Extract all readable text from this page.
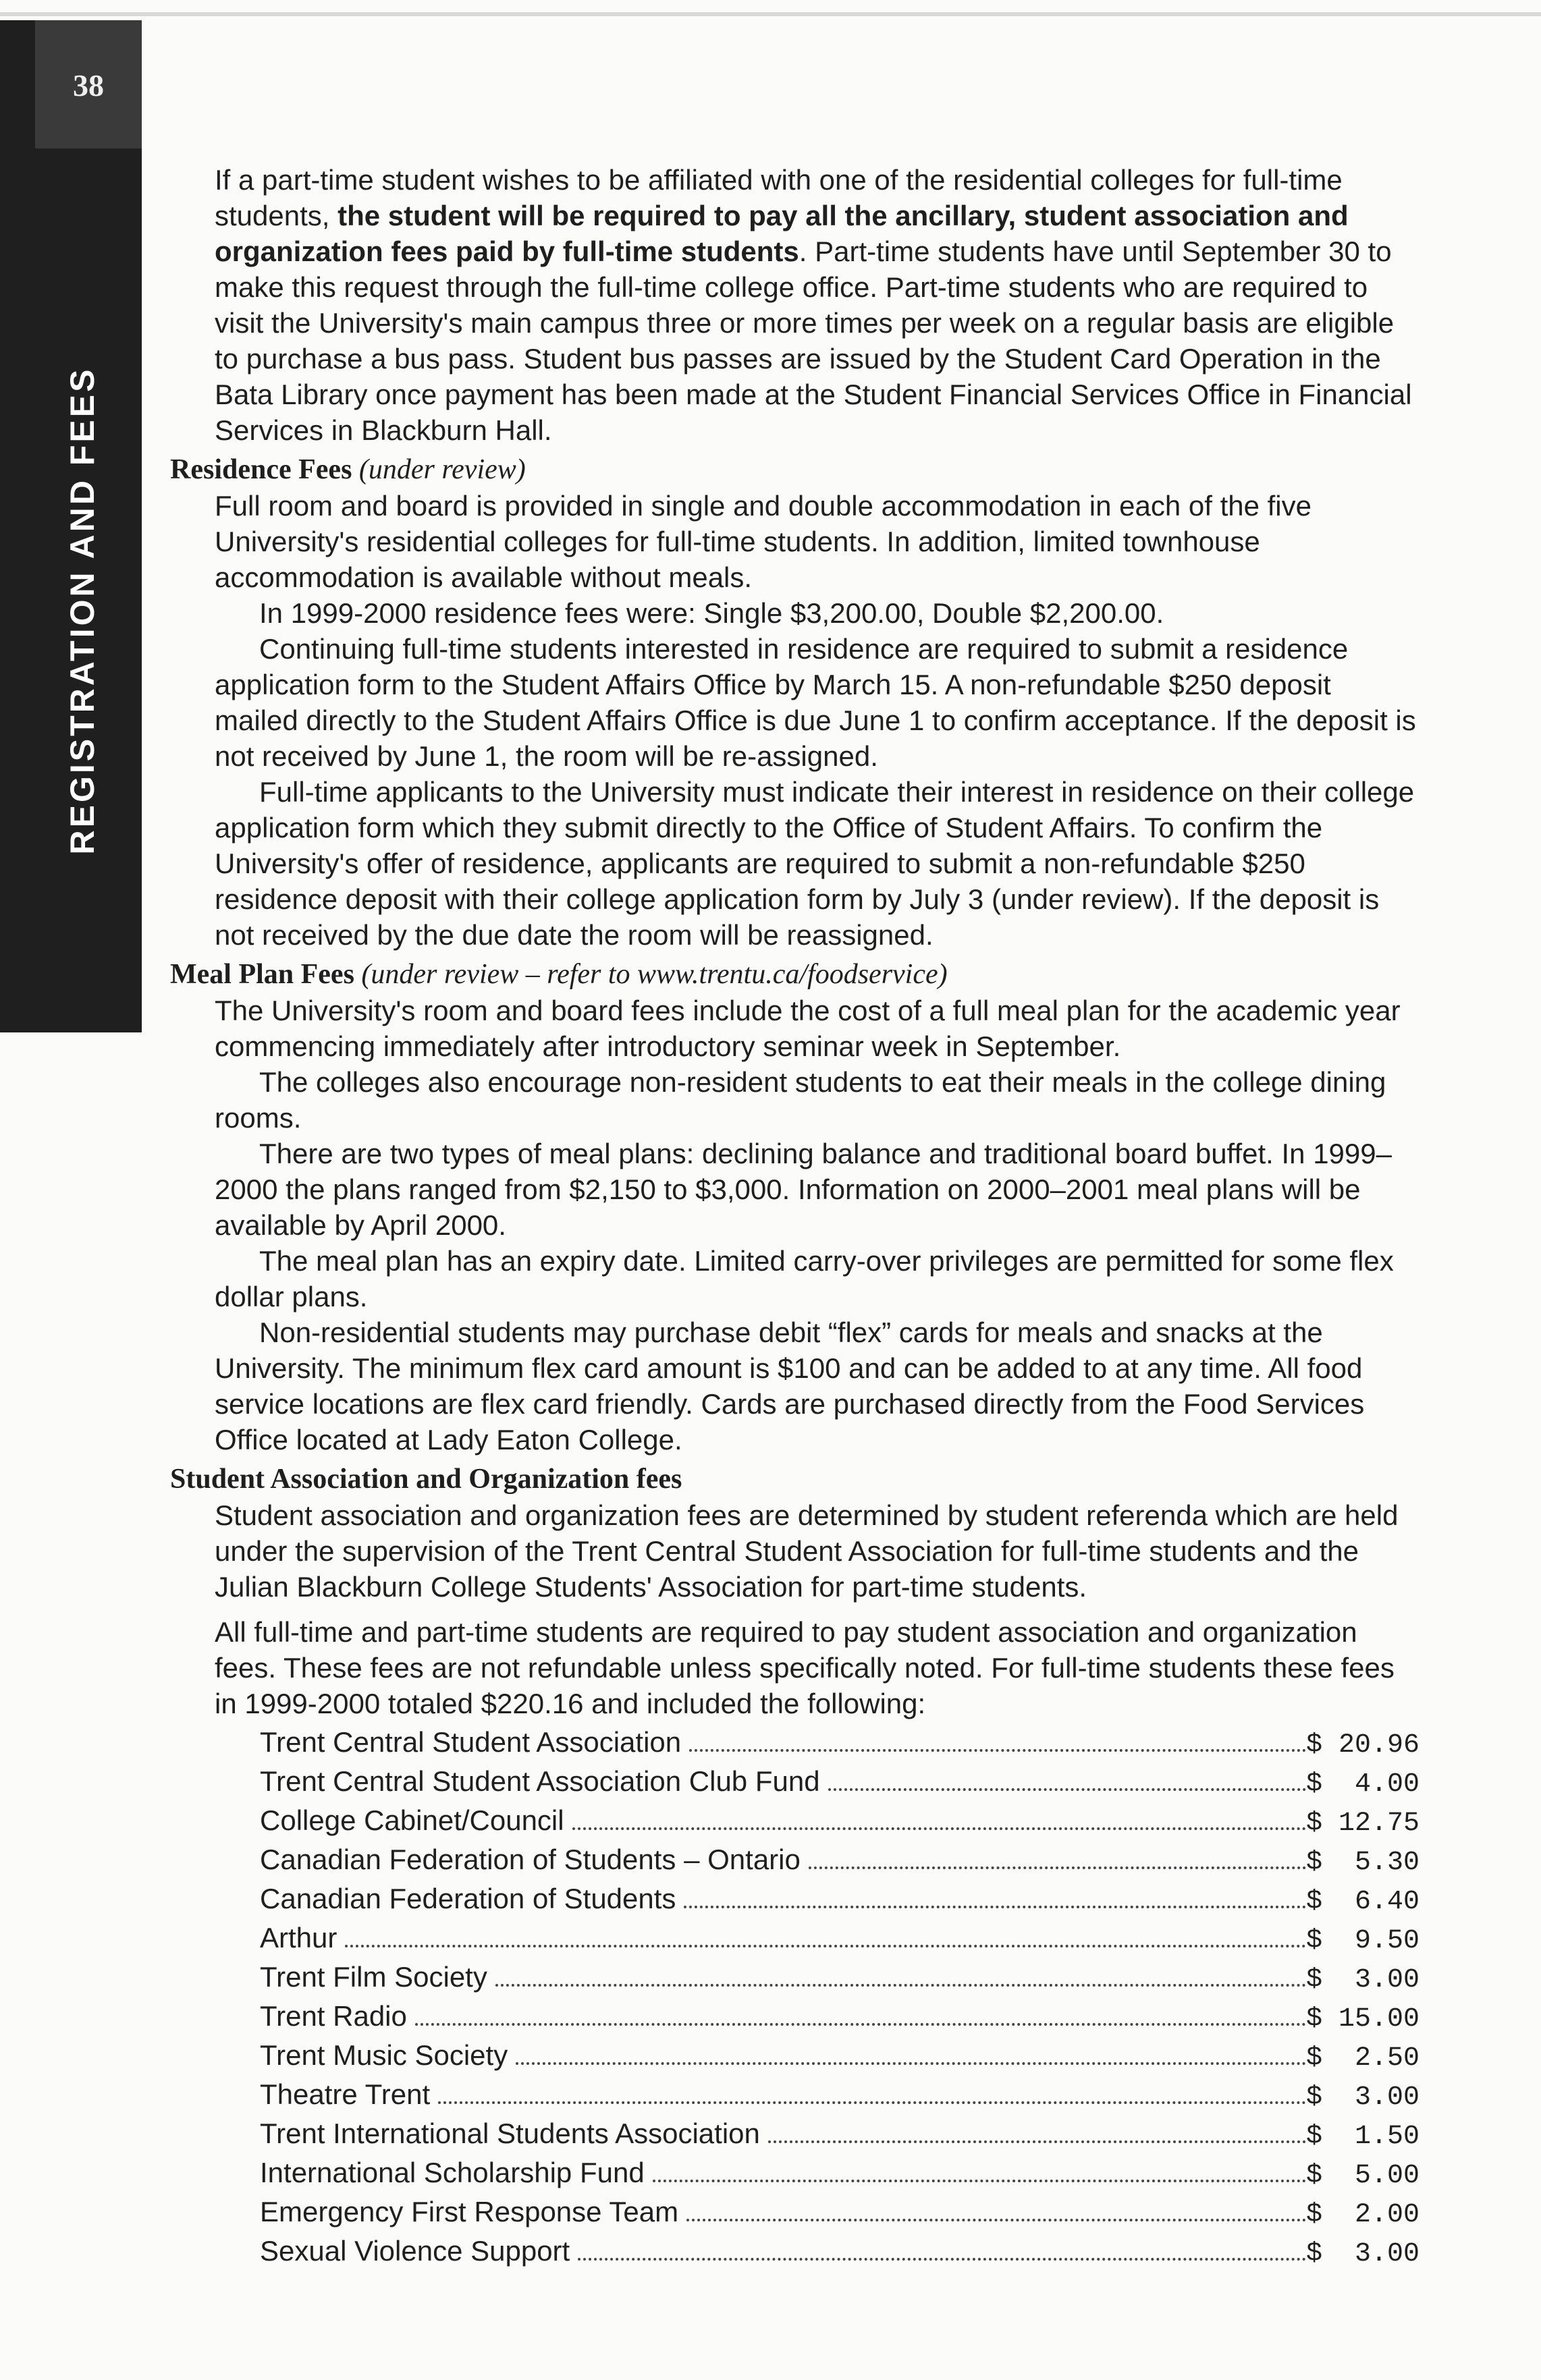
38
REGISTRATION AND FEES

If a part-time student wishes to be affiliated with one of the residential colleges for full-time students, the student will be required to pay all the ancillary, student association and organization fees paid by full-time students. Part-time students have until September 30 to make this request through the full-time college office. Part-time students who are required to visit the University's main campus three or more times per week on a regular basis are eligible to purchase a bus pass. Student bus passes are issued by the Student Card Operation in the Bata Library once payment has been made at the Student Financial Services Office in Financial Services in Blackburn Hall.

Residence Fees (under review)

Full room and board is provided in single and double accommodation in each of the five University's residential colleges for full-time students. In addition, limited townhouse accommodation is available without meals.

In 1999-2000 residence fees were: Single $3,200.00, Double $2,200.00.

Continuing full-time students interested in residence are required to submit a residence application form to the Student Affairs Office by March 15. A non-refundable $250 deposit mailed directly to the Student Affairs Office is due June 1 to confirm acceptance. If the deposit is not received by June 1, the room will be re-assigned.

Full-time applicants to the University must indicate their interest in residence on their college application form which they submit directly to the Office of Student Affairs. To confirm the University's offer of residence, applicants are required to submit a non-refundable $250 residence deposit with their college application form by July 3 (under review). If the deposit is not received by the due date the room will be reassigned.

Meal Plan Fees (under review – refer to www.trentu.ca/foodservice)

The University's room and board fees include the cost of a full meal plan for the academic year commencing immediately after introductory seminar week in September.

The colleges also encourage non-resident students to eat their meals in the college dining rooms.

There are two types of meal plans: declining balance and traditional board buffet. In 1999–2000 the plans ranged from $2,150 to $3,000. Information on 2000–2001 meal plans will be available by April 2000.

The meal plan has an expiry date. Limited carry-over privileges are permitted for some flex dollar plans.

Non-residential students may purchase debit “flex” cards for meals and snacks at the University. The minimum flex card amount is $100 and can be added to at any time. All food service locations are flex card friendly. Cards are purchased directly from the Food Services Office located at Lady Eaton College.

Student Association and Organization fees

Student association and organization fees are determined by student referenda which are held under the supervision of the Trent Central Student Association for full-time students and the Julian Blackburn College Students' Association for part-time students.

All full-time and part-time students are required to pay student association and organization fees. These fees are not refundable unless specifically noted. For full-time students these fees in 1999-2000 totaled $220.16 and included the following:

Trent Central Student Association	$ 20.96
Trent Central Student Association Club Fund	$  4.00
College Cabinet/Council	$ 12.75
Canadian Federation of Students – Ontario	$  5.30
Canadian Federation of Students	$  6.40
Arthur	$  9.50
Trent Film Society	$  3.00
Trent Radio	$ 15.00
Trent Music Society	$  2.50
Theatre Trent	$  3.00
Trent International Students Association	$  1.50
International Scholarship Fund	$  5.00
Emergency First Response Team	$  2.00
Sexual Violence Support	$  3.00
